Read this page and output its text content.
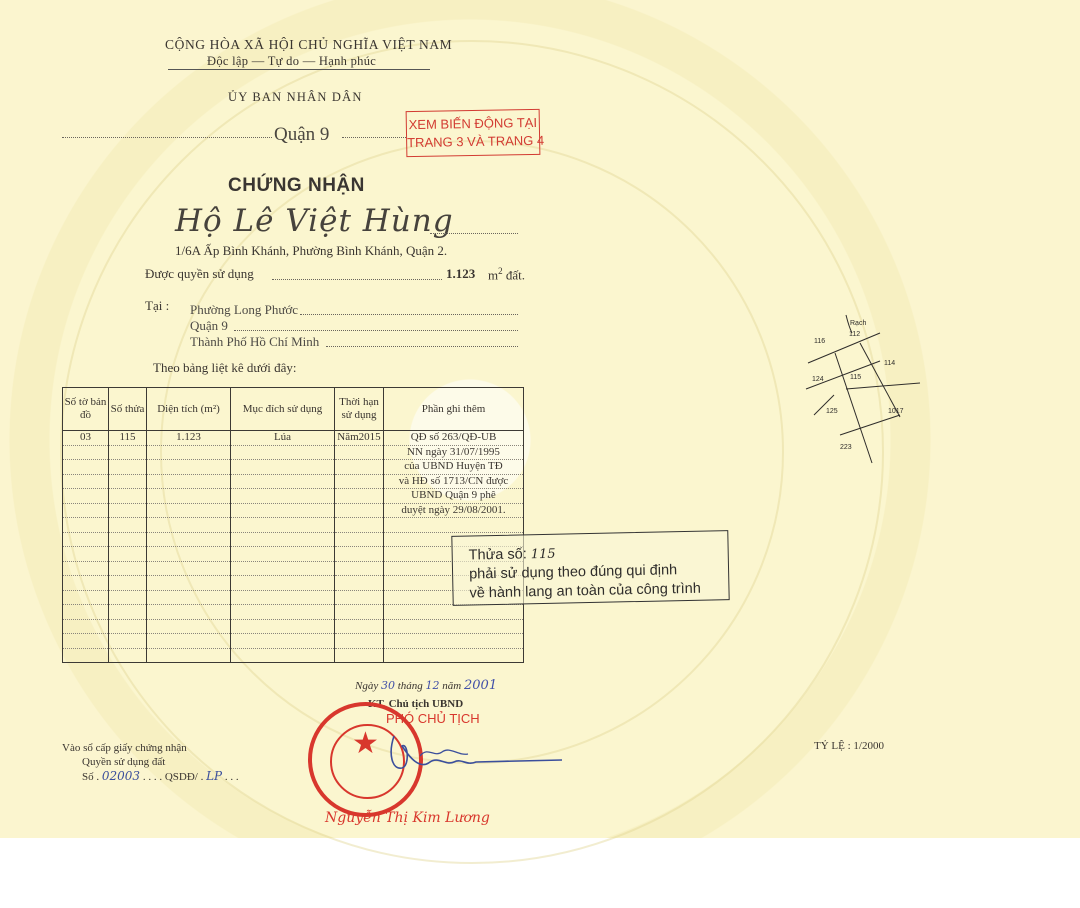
CỘNG HÒA XÃ HỘI CHỦ NGHĨA VIỆT NAM
Độc lập — Tự do — Hạnh phúc
ỦY BAN NHÂN DÂN
Quận 9
XEM BIẾN ĐỘNG TẠI
TRANG 3 VÀ TRANG 4
CHỨNG NHẬN
Hộ Lê Việt Hùng
1/6A Ấp Bình Khánh, Phường Bình Khánh, Quận 2.
Được quyền sử dụng	1.123 $m^2$ đất.
Tại : Phường Long Phước
Quận 9
Thành Phố Hồ Chí Minh
Theo bảng liệt kê dưới đây:
Số tờ bản đồ	Số thửa	Diện tích (m²)	Mục đích sử dụng	Thời hạn sử dụng	Phần ghi thêm
03	115	1.123	Lúa	Năm2015	QĐ số 263/QĐ-UB
					NN ngày 31/07/1995
					của UBND Huyện TĐ
					và HĐ số 1713/CN được
					UBND Quận 9 phê
					duyệt ngày 29/08/2001.

Thửa số: 115
phải sử dụng theo đúng qui định
về hành lang an toàn của công trình
Ngày 30 tháng 12 năm 2001
KT. Chủ tịch UBND
PHÓ CHỦ TỊCH
★
Nguyễn Thị Kim Lương
Vào sổ cấp giấy chứng nhận
Quyền sử dụng đất
Số . 02003 . . . . QSDĐ/ . LP . . .
TỶ LỆ : 1/2000
Rạch
116
112
114
124	115
125	1017
223
